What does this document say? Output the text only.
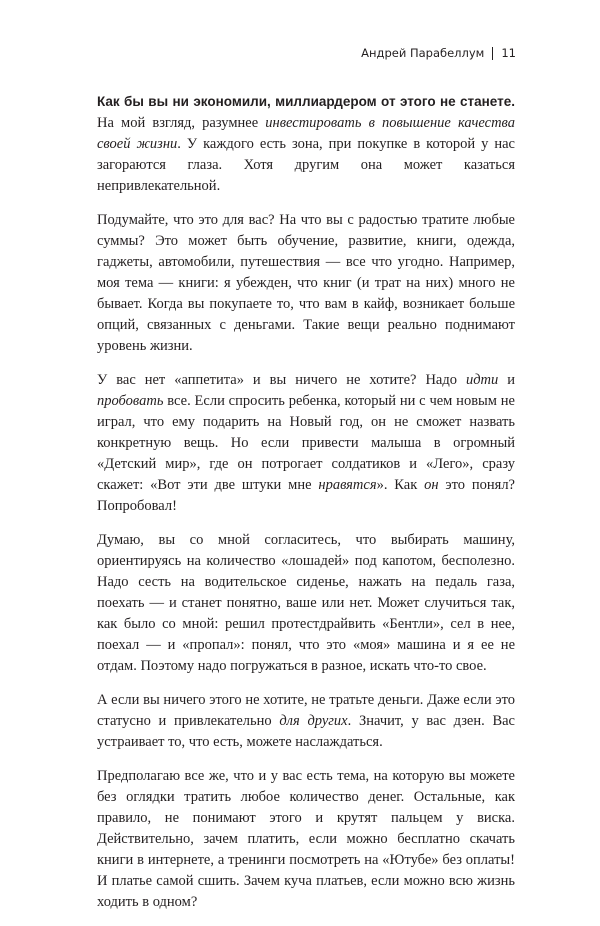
Андрей Парабеллум 11

Как бы вы ни экономили, миллиардером от этого не станете. На мой взгляд, разумнее инвестировать в повышение качества своей жизни. У каждого есть зона, при покупке в которой у нас загораются глаза. Хотя другим она может казаться непривлекательной.

Подумайте, что это для вас? На что вы с радостью тратите любые суммы? Это может быть обучение, развитие, книги, одежда, гаджеты, автомобили, путешествия — все что угодно. Например, моя тема — книги: я убежден, что книг (и трат на них) много не бывает. Когда вы покупаете то, что вам в кайф, возникает больше опций, связанных с деньгами. Такие вещи реально поднимают уровень жизни.

У вас нет «аппетита» и вы ничего не хотите? Надо идти и пробовать все. Если спросить ребенка, который ни с чем новым не играл, что ему подарить на Новый год, он не сможет назвать конкретную вещь. Но если привести малыша в огромный «Детский мир», где он потрогает солдатиков и «Лего», сразу скажет: «Вот эти две штуки мне нравятся». Как он это понял? Попробовал!

Думаю, вы со мной согласитесь, что выбирать машину, ориентируясь на количество «лошадей» под капотом, бесполезно. Надо сесть на водительское сиденье, нажать на педаль газа, поехать — и станет понятно, ваше или нет. Может случиться так, как было со мной: решил протестдрайвить «Бентли», сел в нее, поехал — и «пропал»: понял, что это «моя» машина и я ее не отдам. Поэтому надо погружаться в разное, искать что-то свое.

А если вы ничего этого не хотите, не тратьте деньги. Даже если это статусно и привлекательно для других. Значит, у вас дзен. Вас устраивает то, что есть, можете наслаждаться.

Предполагаю все же, что и у вас есть тема, на которую вы можете без оглядки тратить любое количество денег. Остальные, как правило, не понимают этого и крутят пальцем у виска. Действительно, зачем платить, если можно бесплатно скачать книги в интернете, а тренинги посмотреть на «Ютубе» без оплаты! И платье самой сшить. Зачем куча платьев, если можно всю жизнь ходить в одном?
